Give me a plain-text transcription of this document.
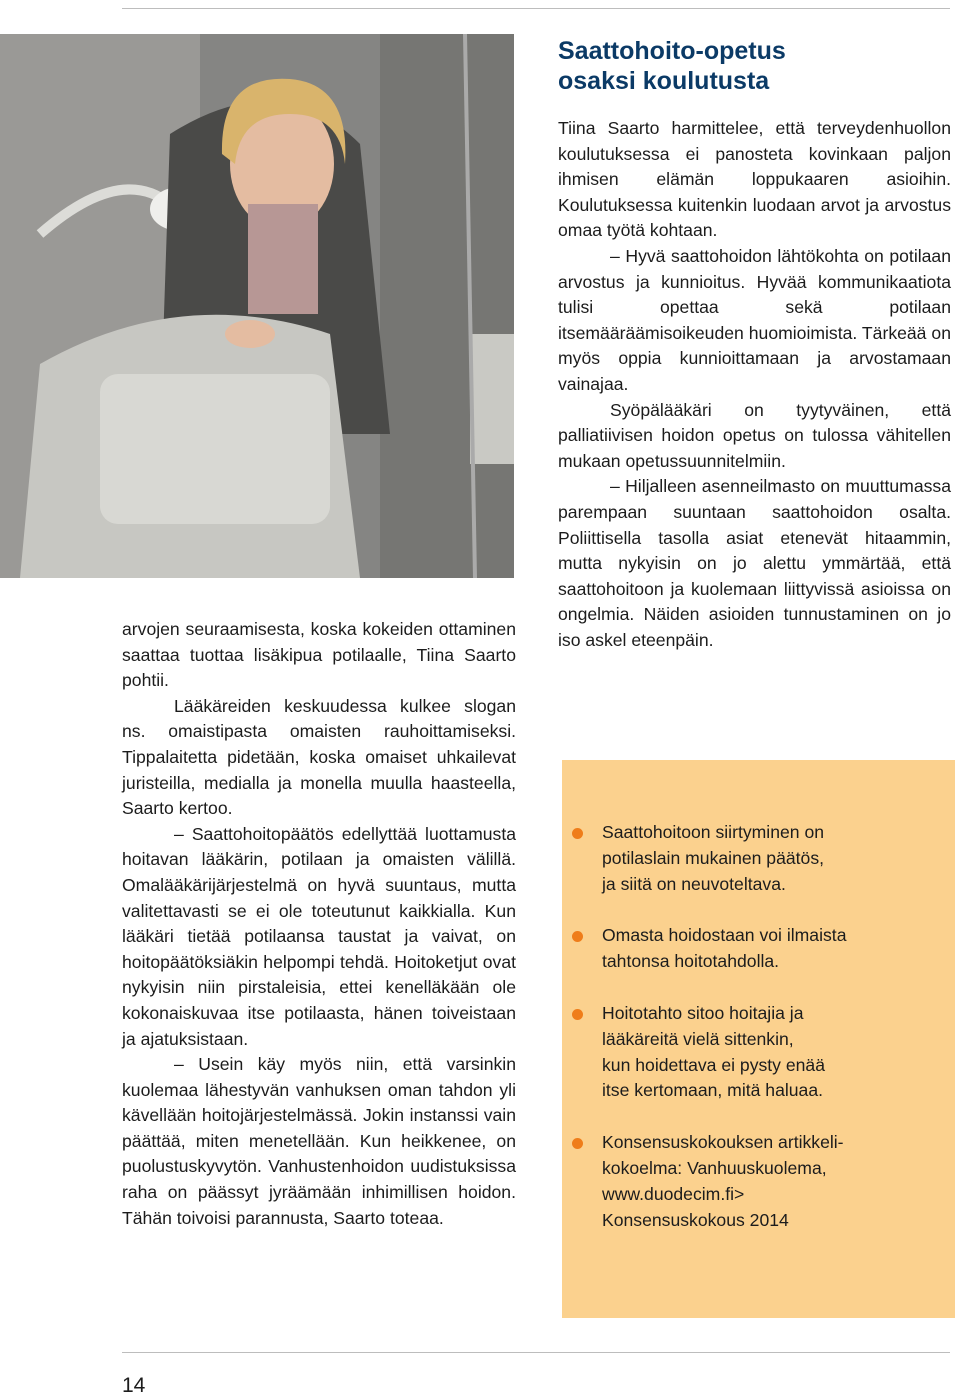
Saattohoito-opetus
osaksi koulutusta

arvojen seuraamisesta, koska kokeiden ottaminen saattaa tuottaa lisäkipua potilaalle, Tiina Saarto pohtii.

Lääkäreiden keskuudessa kulkee slogan ns. omaistipasta omaisten rauhoittamiseksi. Tippalaitetta pidetään, koska omaiset uhkailevat juristeilla, medialla ja monella muulla haasteella, Saarto kertoo.

– Saattohoitopäätös edellyttää luottamusta hoitavan lääkärin, potilaan ja omaisten välillä. Omalääkärijärjestelmä on hyvä suuntaus, mutta valitettavasti se ei ole toteutunut kaikkialla. Kun lääkäri tietää potilaansa taustat ja vaivat, on hoitopäätöksiäkin helpompi tehdä. Hoitoketjut ovat nykyisin niin pirstaleisia, ettei kenelläkään ole kokonaiskuvaa itse potilaasta, hänen toiveistaan ja ajatuksistaan.

– Usein käy myös niin, että varsinkin kuolemaa lähestyvän vanhuksen oman tahdon yli kävellään hoitojärjestelmässä. Jokin instanssi vain päättää, miten menetellään. Kun heikkenee, on puolustuskyvytön. Vanhustenhoidon uudistuksissa raha on päässyt jyräämään inhimillisen hoidon. Tähän toivoisi parannusta, Saarto toteaa.

Tiina Saarto harmittelee, että terveydenhuollon koulutuksessa ei panosteta kovinkaan paljon ihmisen elämän loppukaaren asioihin. Koulutuksessa kuitenkin luodaan arvot ja arvostus omaa työtä kohtaan.

– Hyvä saattohoidon lähtökohta on potilaan arvostus ja kunnioitus. Hyvää kommunikaatiota tulisi opettaa sekä potilaan itsemääräämisoikeuden huomioimista. Tärkeää on myös oppia kunnioittamaan ja arvostamaan vainajaa.

Syöpälääkäri on tyytyväinen, että palliatiivisen hoidon opetus on tulossa vähitellen mukaan opetussuunnitelmiin.

– Hiljalleen asenneilmasto on muuttumassa parempaan suuntaan saattohoidon osalta. Poliittisella tasolla asiat etenevät hitaammin, mutta nykyisin on jo alettu ymmärtää, että saattohoitoon ja kuolemaan liittyvissä asioissa on ongelmia. Näiden asioiden tunnustaminen on jo iso askel eteenpäin.

Saattohoitoon siirtyminen on
potilaslain mukainen päätös,
ja siitä on neuvoteltava.
Omasta hoidostaan voi ilmaista
tahtonsa hoitotahdolla.
Hoitotahto sitoo hoitajia ja
lääkäreitä vielä sittenkin,
kun hoidettava ei pysty enää
itse kertomaan, mitä haluaa.
Konsensuskokouksen artikkeli-
kokoelma: Vanhuuskuolema,
www.duodecim.fi>
Konsensuskokous 2014
14
